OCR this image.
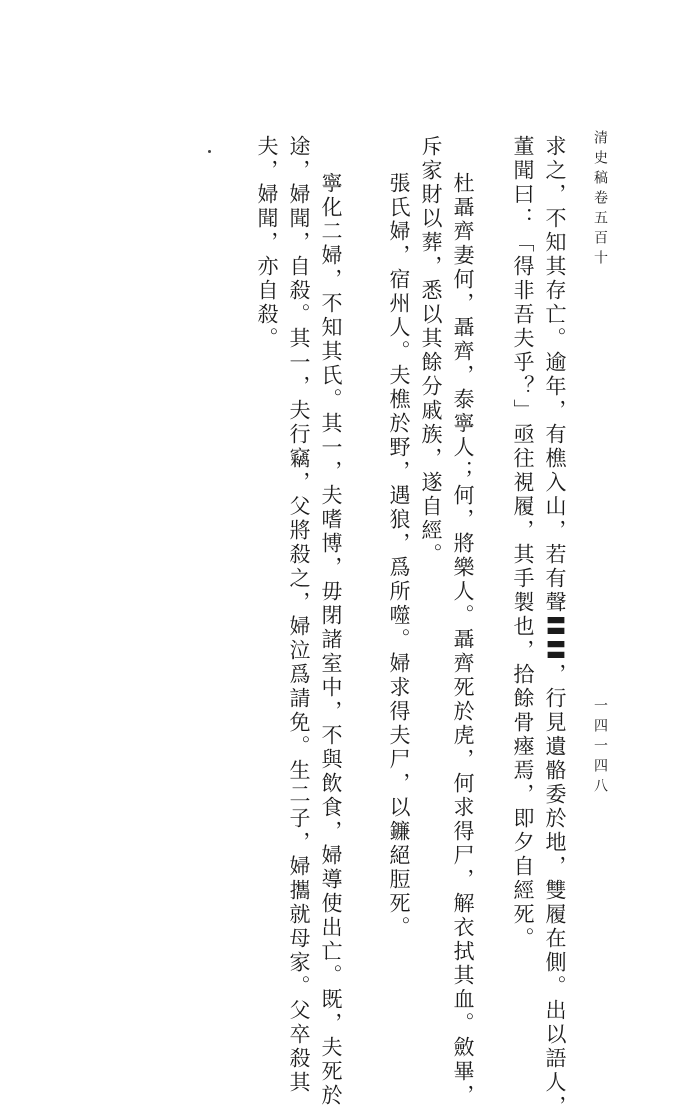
清史稿卷五百十
一四一四八
求之，不知其存亡。逾年，有樵入山，若有聲〓〓，行見遺骼委於地，雙履在側。出以語人，
董聞曰：「得非吾夫乎？」亟往視履，其手製也，拾餘骨瘞焉，即夕自經死。
杜聶齊妻何，聶齊，泰寧人；何，將樂人。聶齊死於虎，何求得尸，解衣拭其血。斂畢，
斥家財以葬，悉以其餘分戚族，遂自經。
張氏婦，宿州人。夫樵於野，遇狼，爲所噬。婦求得夫尸，以鐮絕脰死。
寧化二婦，不知其氏。其一，夫嗜博，毋閉諸室中，不與飲食，婦導使出亡。既，夫死於
途，婦聞，自殺。其一，夫行竊，父將殺之，婦泣爲請免。生二子，婦攜就母家。父卒殺其
夫，婦聞，亦自殺。
